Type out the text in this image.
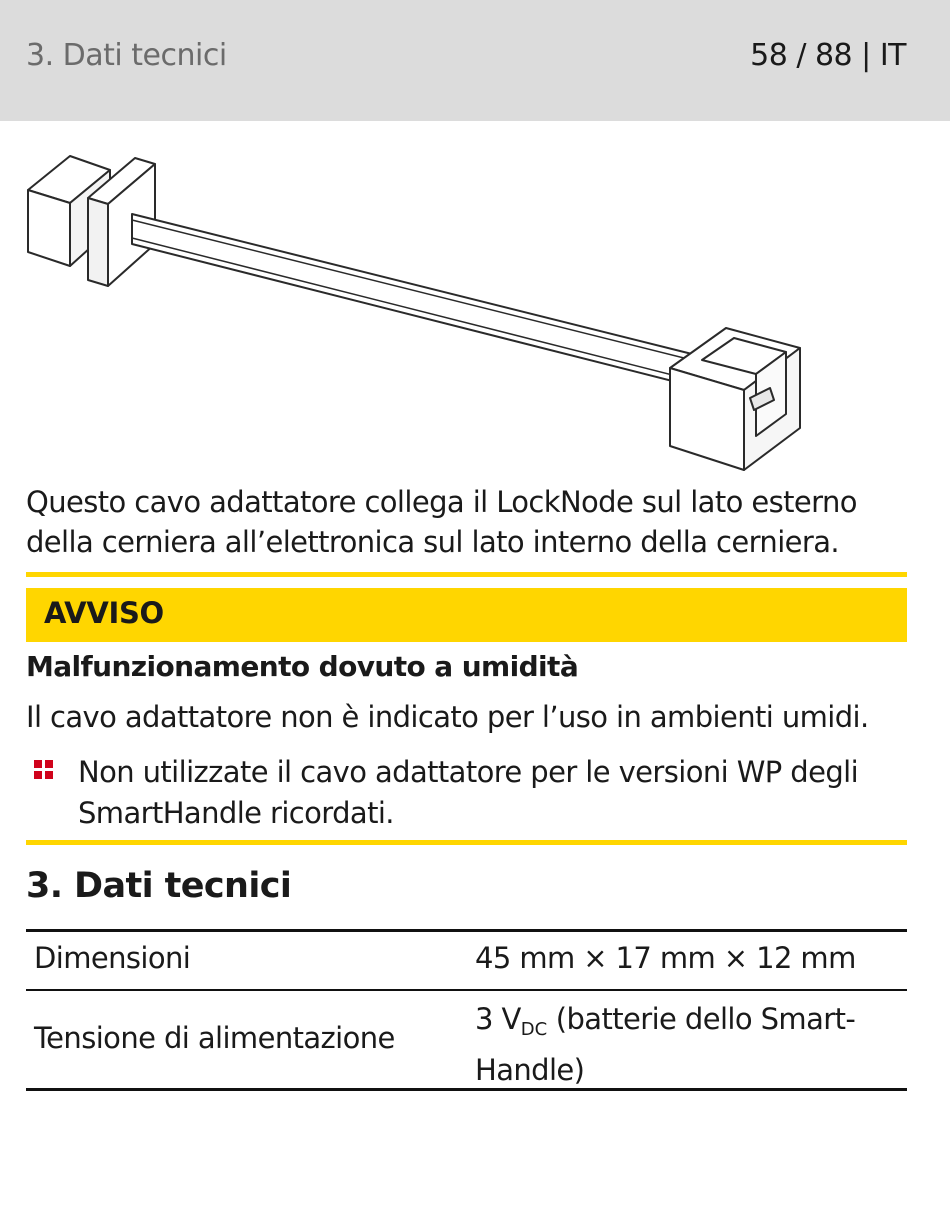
3. Dati tecnici	58 / 88 | IT
Questo cavo adattatore collega il LockNode sul lato esterno della cerniera all’elettronica sul lato interno della cerniera.
AVVISO
Malfunzionamento dovuto a umidità
Il cavo adattatore non è indicato per l’uso in ambienti umidi.
Non utilizzate il cavo adattatore per le versioni WP degli SmartHandle ricordati.
3. Dati tecnici
Dimensioni	45 mm × 17 mm × 12 mm
Tensione di alimentazione
3 $V_{DC}$ (batterie dello Smart-
Handle)
